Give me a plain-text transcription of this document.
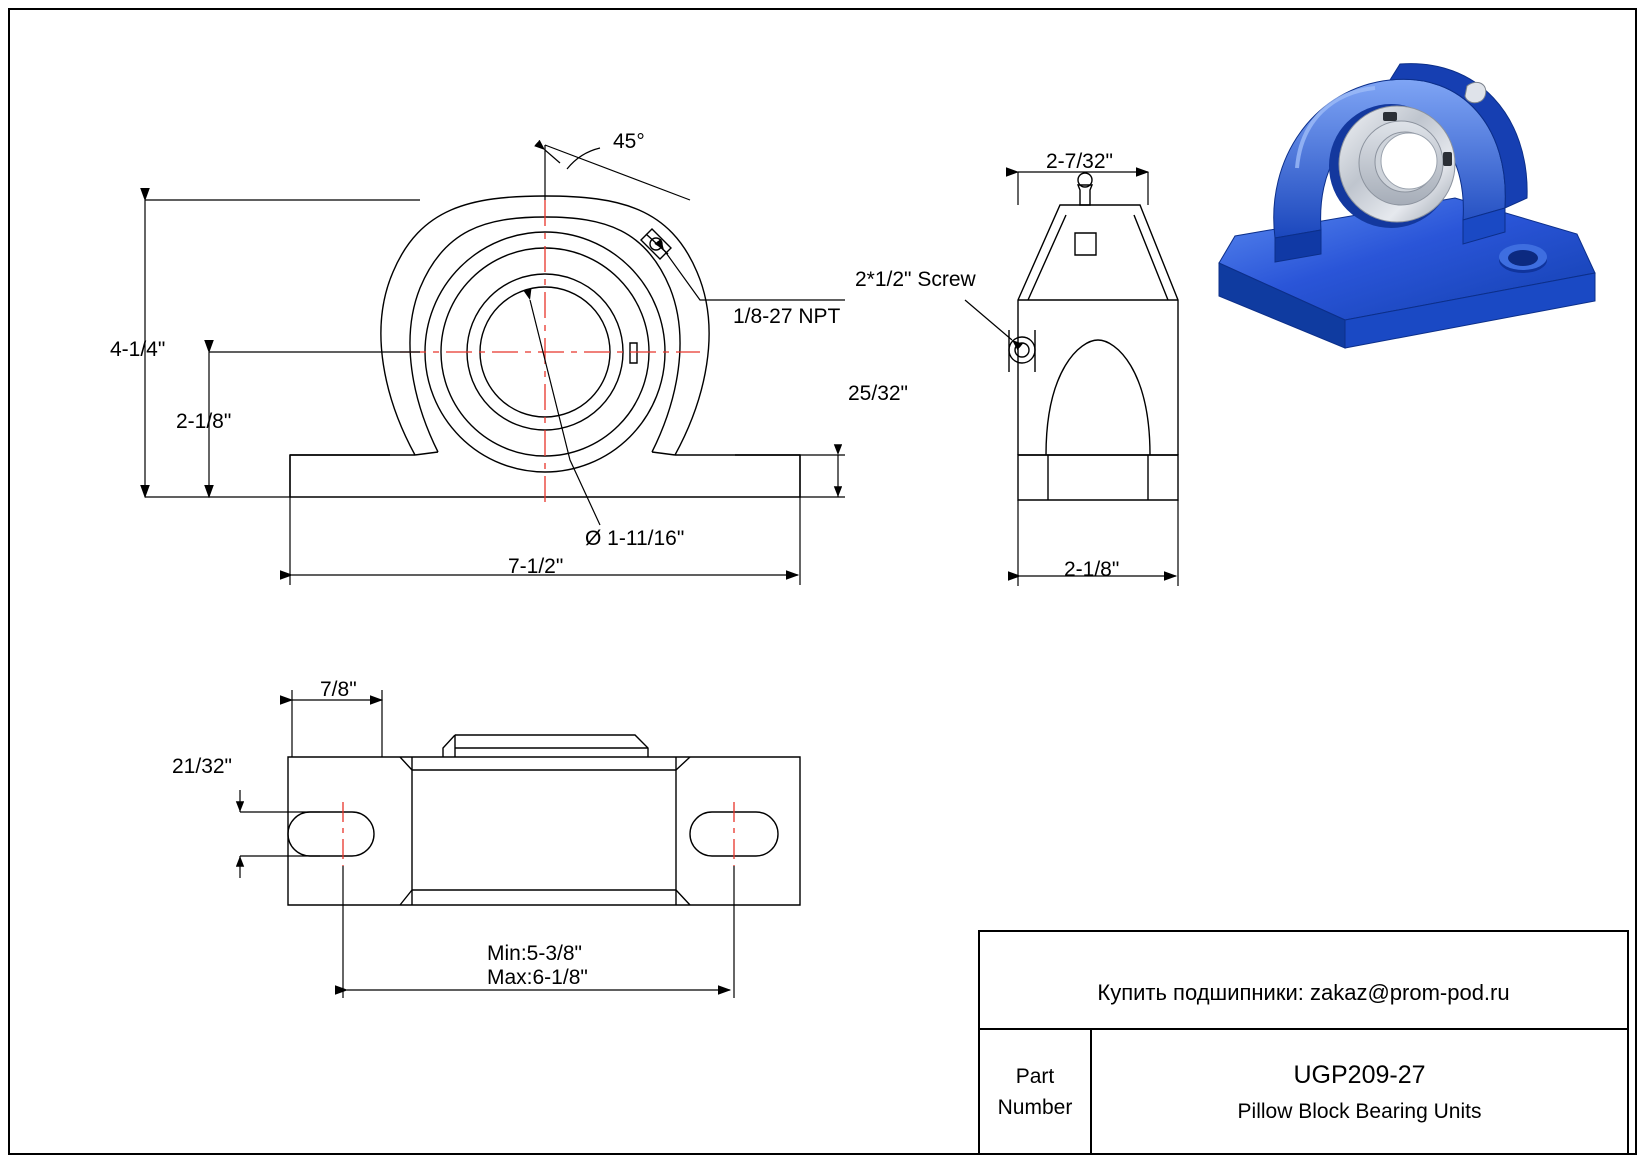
4-1/4"
2-1/8"
7-1/2"
25/32"
Ø 1-11/16"
45°
1/8-27 NPT
2-7/32"
2-1/8"
2*1/2" Screw
7/8"
21/32"
Min:5-3/8"
Max:6-1/8"
Купить подшипники: zakaz@prom-pod.ru
Part
Number
UGP209-27
Pillow Block Bearing Units
